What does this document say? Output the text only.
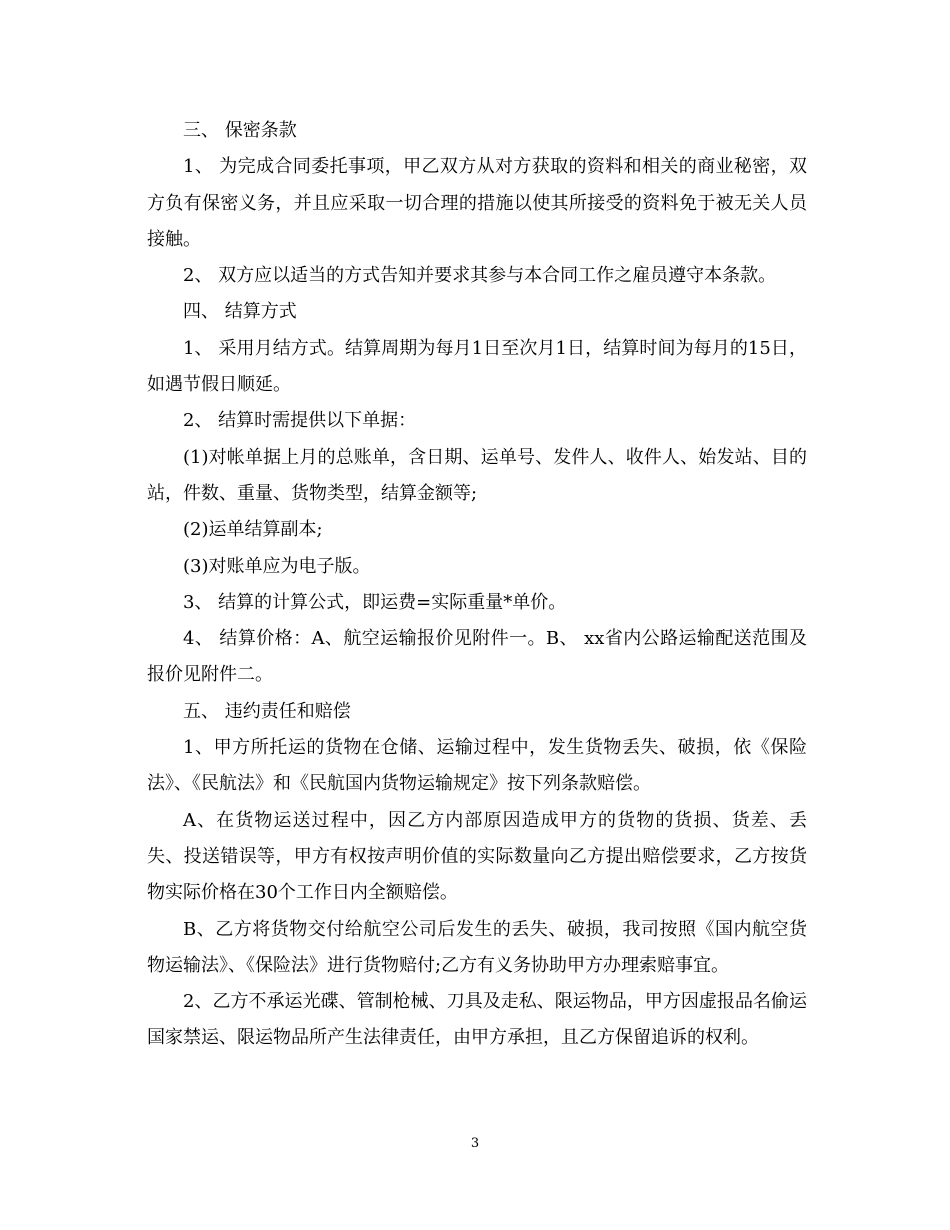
三、 保密条款

1、 为完成合同委托事项，甲乙双方从对方获取的资料和相关的商业秘密，双方负有保密义务，并且应采取一切合理的措施以使其所接受的资料免于被无关人员接触。

2、 双方应以适当的方式告知并要求其参与本合同工作之雇员遵守本条款。

四、 结算方式

1、 采用月结方式。结算周期为每月1日至次月1日，结算时间为每月的15日，如遇节假日顺延。

2、 结算时需提供以下单据：

(1)对帐单据上月的总账单，含日期、运单号、发件人、收件人、始发站、目的站，件数、重量、货物类型，结算金额等;

(2)运单结算副本;

(3)对账单应为电子版。

3、 结算的计算公式，即运费=实际重量*单价。

4、 结算价格：A、航空运输报价见附件一。B、 xx省内公路运输配送范围及报价见附件二。

五、 违约责任和赔偿

1、甲方所托运的货物在仓储、运输过程中，发生货物丢失、破损，依《保险法》、《民航法》和《民航国内货物运输规定》按下列条款赔偿。

A、在货物运送过程中，因乙方内部原因造成甲方的货物的货损、货差、丢失、投送错误等，甲方有权按声明价值的实际数量向乙方提出赔偿要求，乙方按货物实际价格在30个工作日内全额赔偿。

B、乙方将货物交付给航空公司后发生的丢失、破损，我司按照《国内航空货物运输法》、《保险法》进行货物赔付;乙方有义务协助甲方办理索赔事宜。

2、乙方不承运光碟、管制枪械、刀具及走私、限运物品，甲方因虚报品名偷运国家禁运、限运物品所产生法律责任，由甲方承担，且乙方保留追诉的权利。

3
